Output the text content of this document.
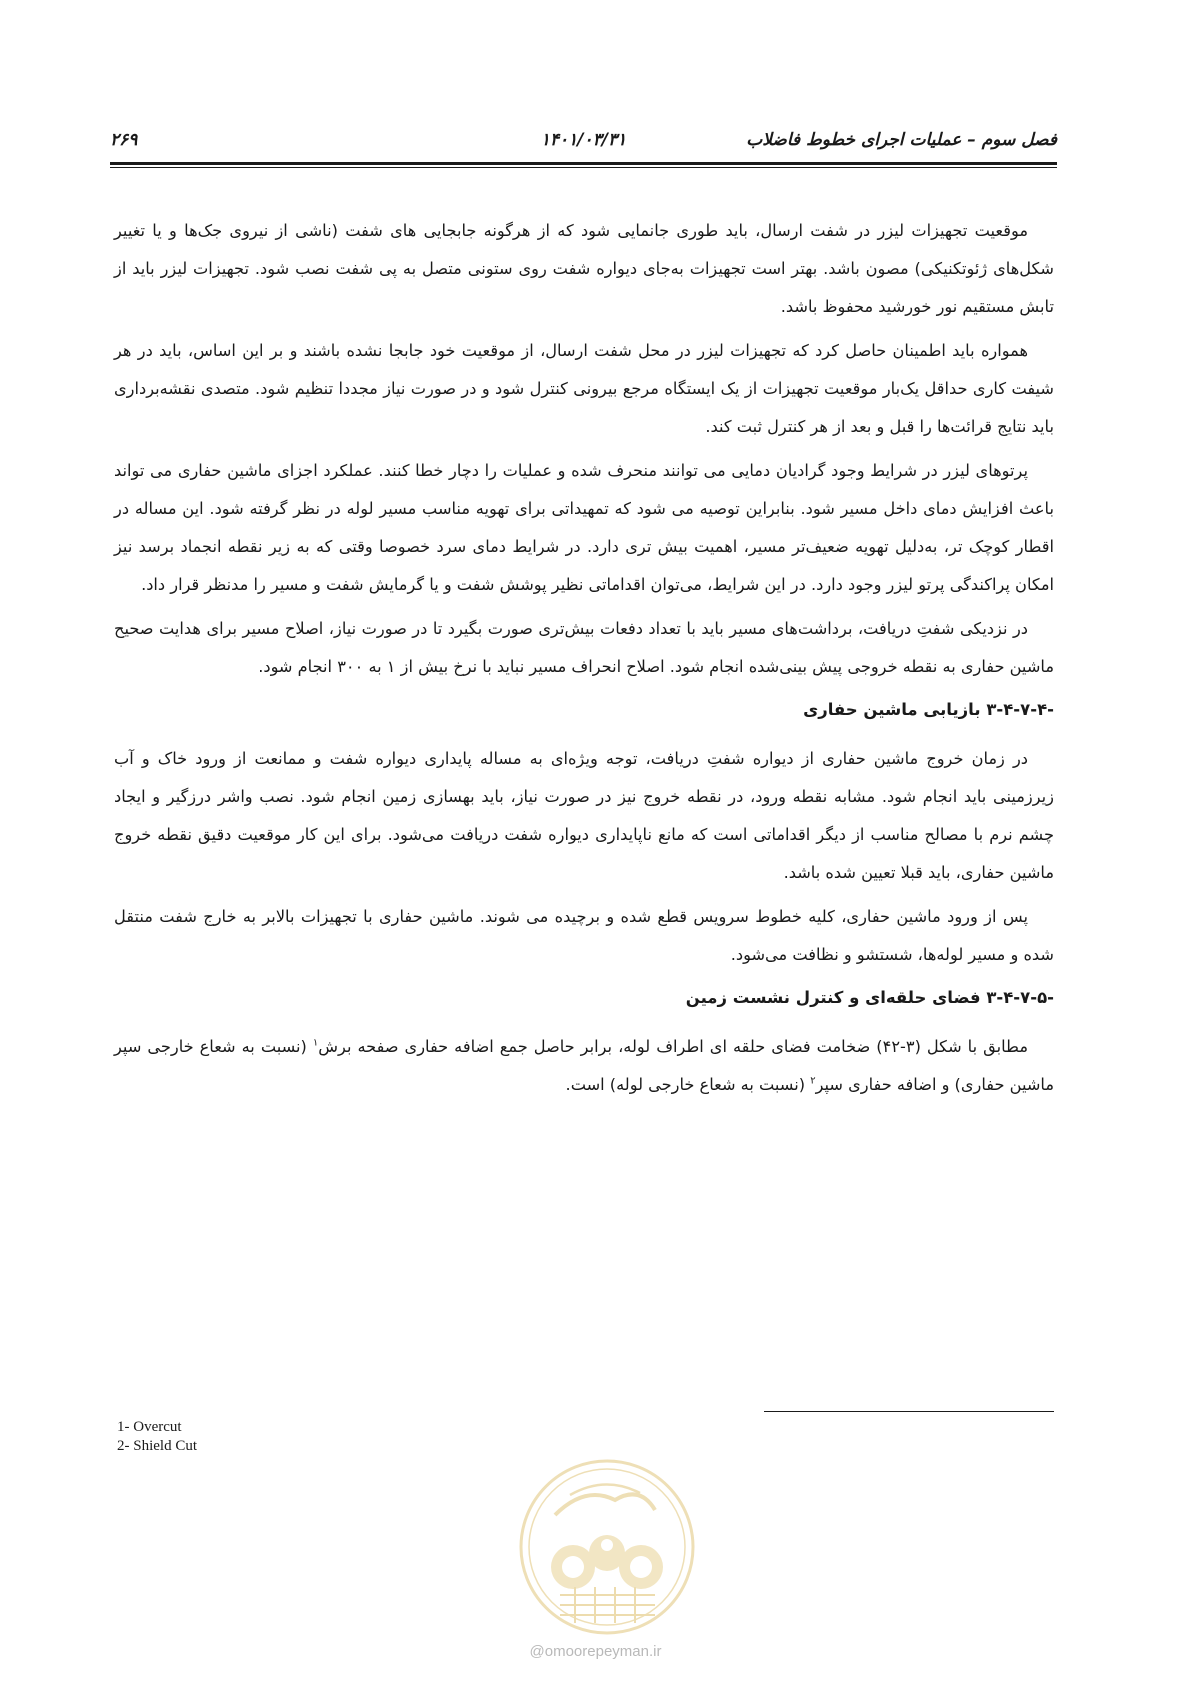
فصل سوم – عملیات اجرای خطوط فاضلاب
۱۴۰۱/۰۳/۳۱
۲۶۹

موقعیت تجهیزات لیزر در شفت ارسال، باید طوری جانمایی شود که از هرگونه جابجایی های شفت (ناشی از نیروی جک‌ها و یا تغییر شکل‌های ژئوتکنیکی) مصون باشد. بهتر است تجهیزات به‌جای دیواره شفت روی ستونی متصل به پی شفت نصب شود. تجهیزات لیزر باید از تابش مستقیم نور خورشید محفوظ باشد.

همواره باید اطمینان حاصل کرد که تجهیزات لیزر در محل شفت ارسال، از موقعیت خود جابجا نشده باشند و بر این اساس، باید در هر شیفت کاری حداقل یک‌بار موقعیت تجهیزات از یک ایستگاه مرجع بیرونی کنترل شود و در صورت نیاز مجددا تنظیم شود. متصدی نقشه‌برداری باید نتایج قرائت‌ها را قبل و بعد از هر کنترل ثبت کند.

پرتوهای لیزر در شرایط وجود گرادیان دمایی می توانند منحرف شده و عملیات را دچار خطا کنند. عملکرد اجزای ماشین حفاری می تواند باعث افزایش دمای داخل مسیر شود. بنابراین توصیه می شود که تمهیداتی برای تهویه مناسب مسیر لوله در نظر گرفته شود. این مساله در اقطار کوچک تر، به‌دلیل تهویه ضعیف‌تر مسیر، اهمیت بیش تری دارد. در شرایط دمای سرد خصوصا وقتی که به زیر نقطه انجماد برسد نیز امکان پراکندگی پرتو لیزر وجود دارد. در این شرایط، می‌توان اقداماتی نظیر پوشش شفت و یا گرمایش شفت و مسیر را مدنظر قرار داد.

در نزدیکی شفتِ دریافت، برداشت‌های مسیر باید با تعداد دفعات بیش‌تری صورت بگیرد تا در صورت نیاز، اصلاح مسیر برای هدایت صحیح ماشین حفاری به نقطه خروجی پیش بینی‌شده انجام شود. اصلاح انحراف مسیر نباید با نرخ بیش از ۱ به ۳۰۰ انجام شود.

۳-۴-۷-۴- بازیابی ماشین حفاری

در زمان خروج ماشین حفاری از دیواره شفتِ دریافت، توجه ویژه‌ای به مساله پایداری دیواره شفت و ممانعت از ورود خاک و آب زیرزمینی باید انجام شود. مشابه نقطه ورود، در نقطه خروج نیز در صورت نیاز، باید بهسازی زمین انجام شود. نصب واشر درزگیر و ایجاد چشم نرم با مصالح مناسب از دیگر اقداماتی است که مانع ناپایداری دیواره شفت دریافت می‌شود. برای این کار موقعیت دقیق نقطه خروج ماشین حفاری، باید قبلا تعیین شده باشد.

پس از ورود ماشین حفاری، کلیه خطوط سرویس قطع شده و برچیده می شوند. ماشین حفاری با تجهیزات بالابر به خارج شفت منتقل شده و مسیر لوله‌ها، شستشو و نظافت می‌شود.

۳-۴-۷-۵- فضای حلقه‌ای و کنترل نشست زمین

مطابق با شکل (۳-۴۲) ضخامت فضای حلقه ای اطراف لوله، برابر حاصل جمع اضافه حفاری صفحه برش$^۱$ (نسبت به شعاع خارجی سپر ماشین حفاری) و اضافه حفاری سپر$^۲$ (نسبت به شعاع خارجی لوله) است.

1- Overcut
2- Shield Cut
@omoorepeyman.ir
